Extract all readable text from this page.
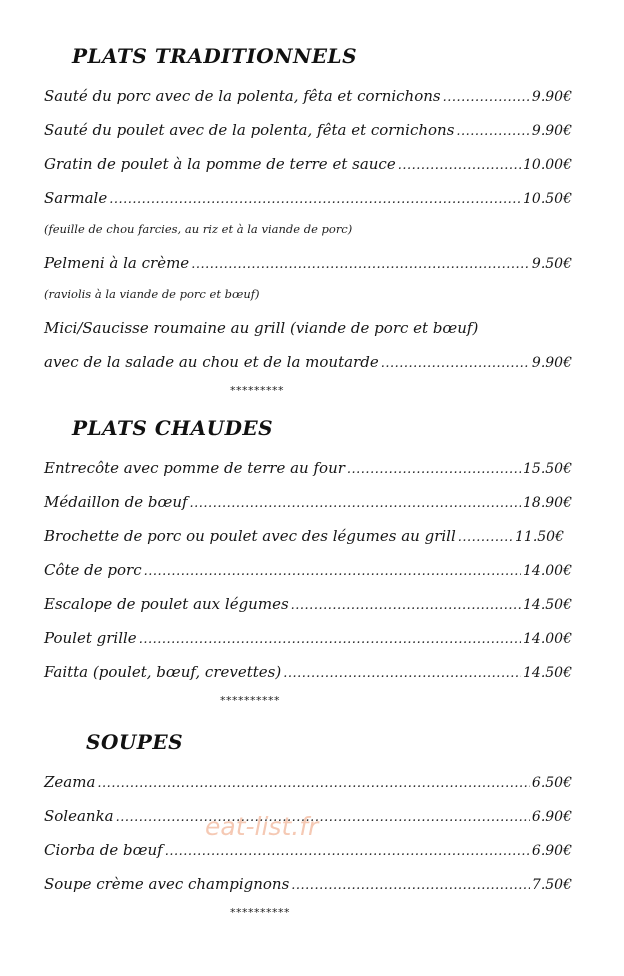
PLATS TRADITIONNELS
Sauté du porc avec de la polenta, fêta et cornichons .....	9.90€
Sauté du poulet avec de la polenta, fêta et cornichons .....	9.90€
Gratin de poulet à la pomme de terre et sauce .....	10.00€
Sarmale .....	10.50€
(feuille de chou farcies, au riz et à la viande de porc)
Pelmeni à la crème .....	9.50€
(raviolis à la viande de porc et bœuf)
Mici/Saucisse roumaine au grill (viande de porc et bœuf)
avec de la salade au chou et de la moutarde .....	9.90€
*********
PLATS CHAUDES
Entrecôte avec pomme de terre au four .....	15.50€
Médaillon de bœuf .....	18.90€
Brochette de porc ou poulet avec des légumes au grill .....	11.50€
Côte de porc .....	14.00€
Escalope de poulet aux légumes .....	14.50€
Poulet grille .....	14.00€
Faitta (poulet, bœuf, crevettes) .....	14.50€
**********
SOUPES
Zeama .....	6.50€
Soleanka .....	6.90€
Ciorba de bœuf .....	6.90€
Soupe crème avec champignons .....	7.50€
**********
eat-list.fr
